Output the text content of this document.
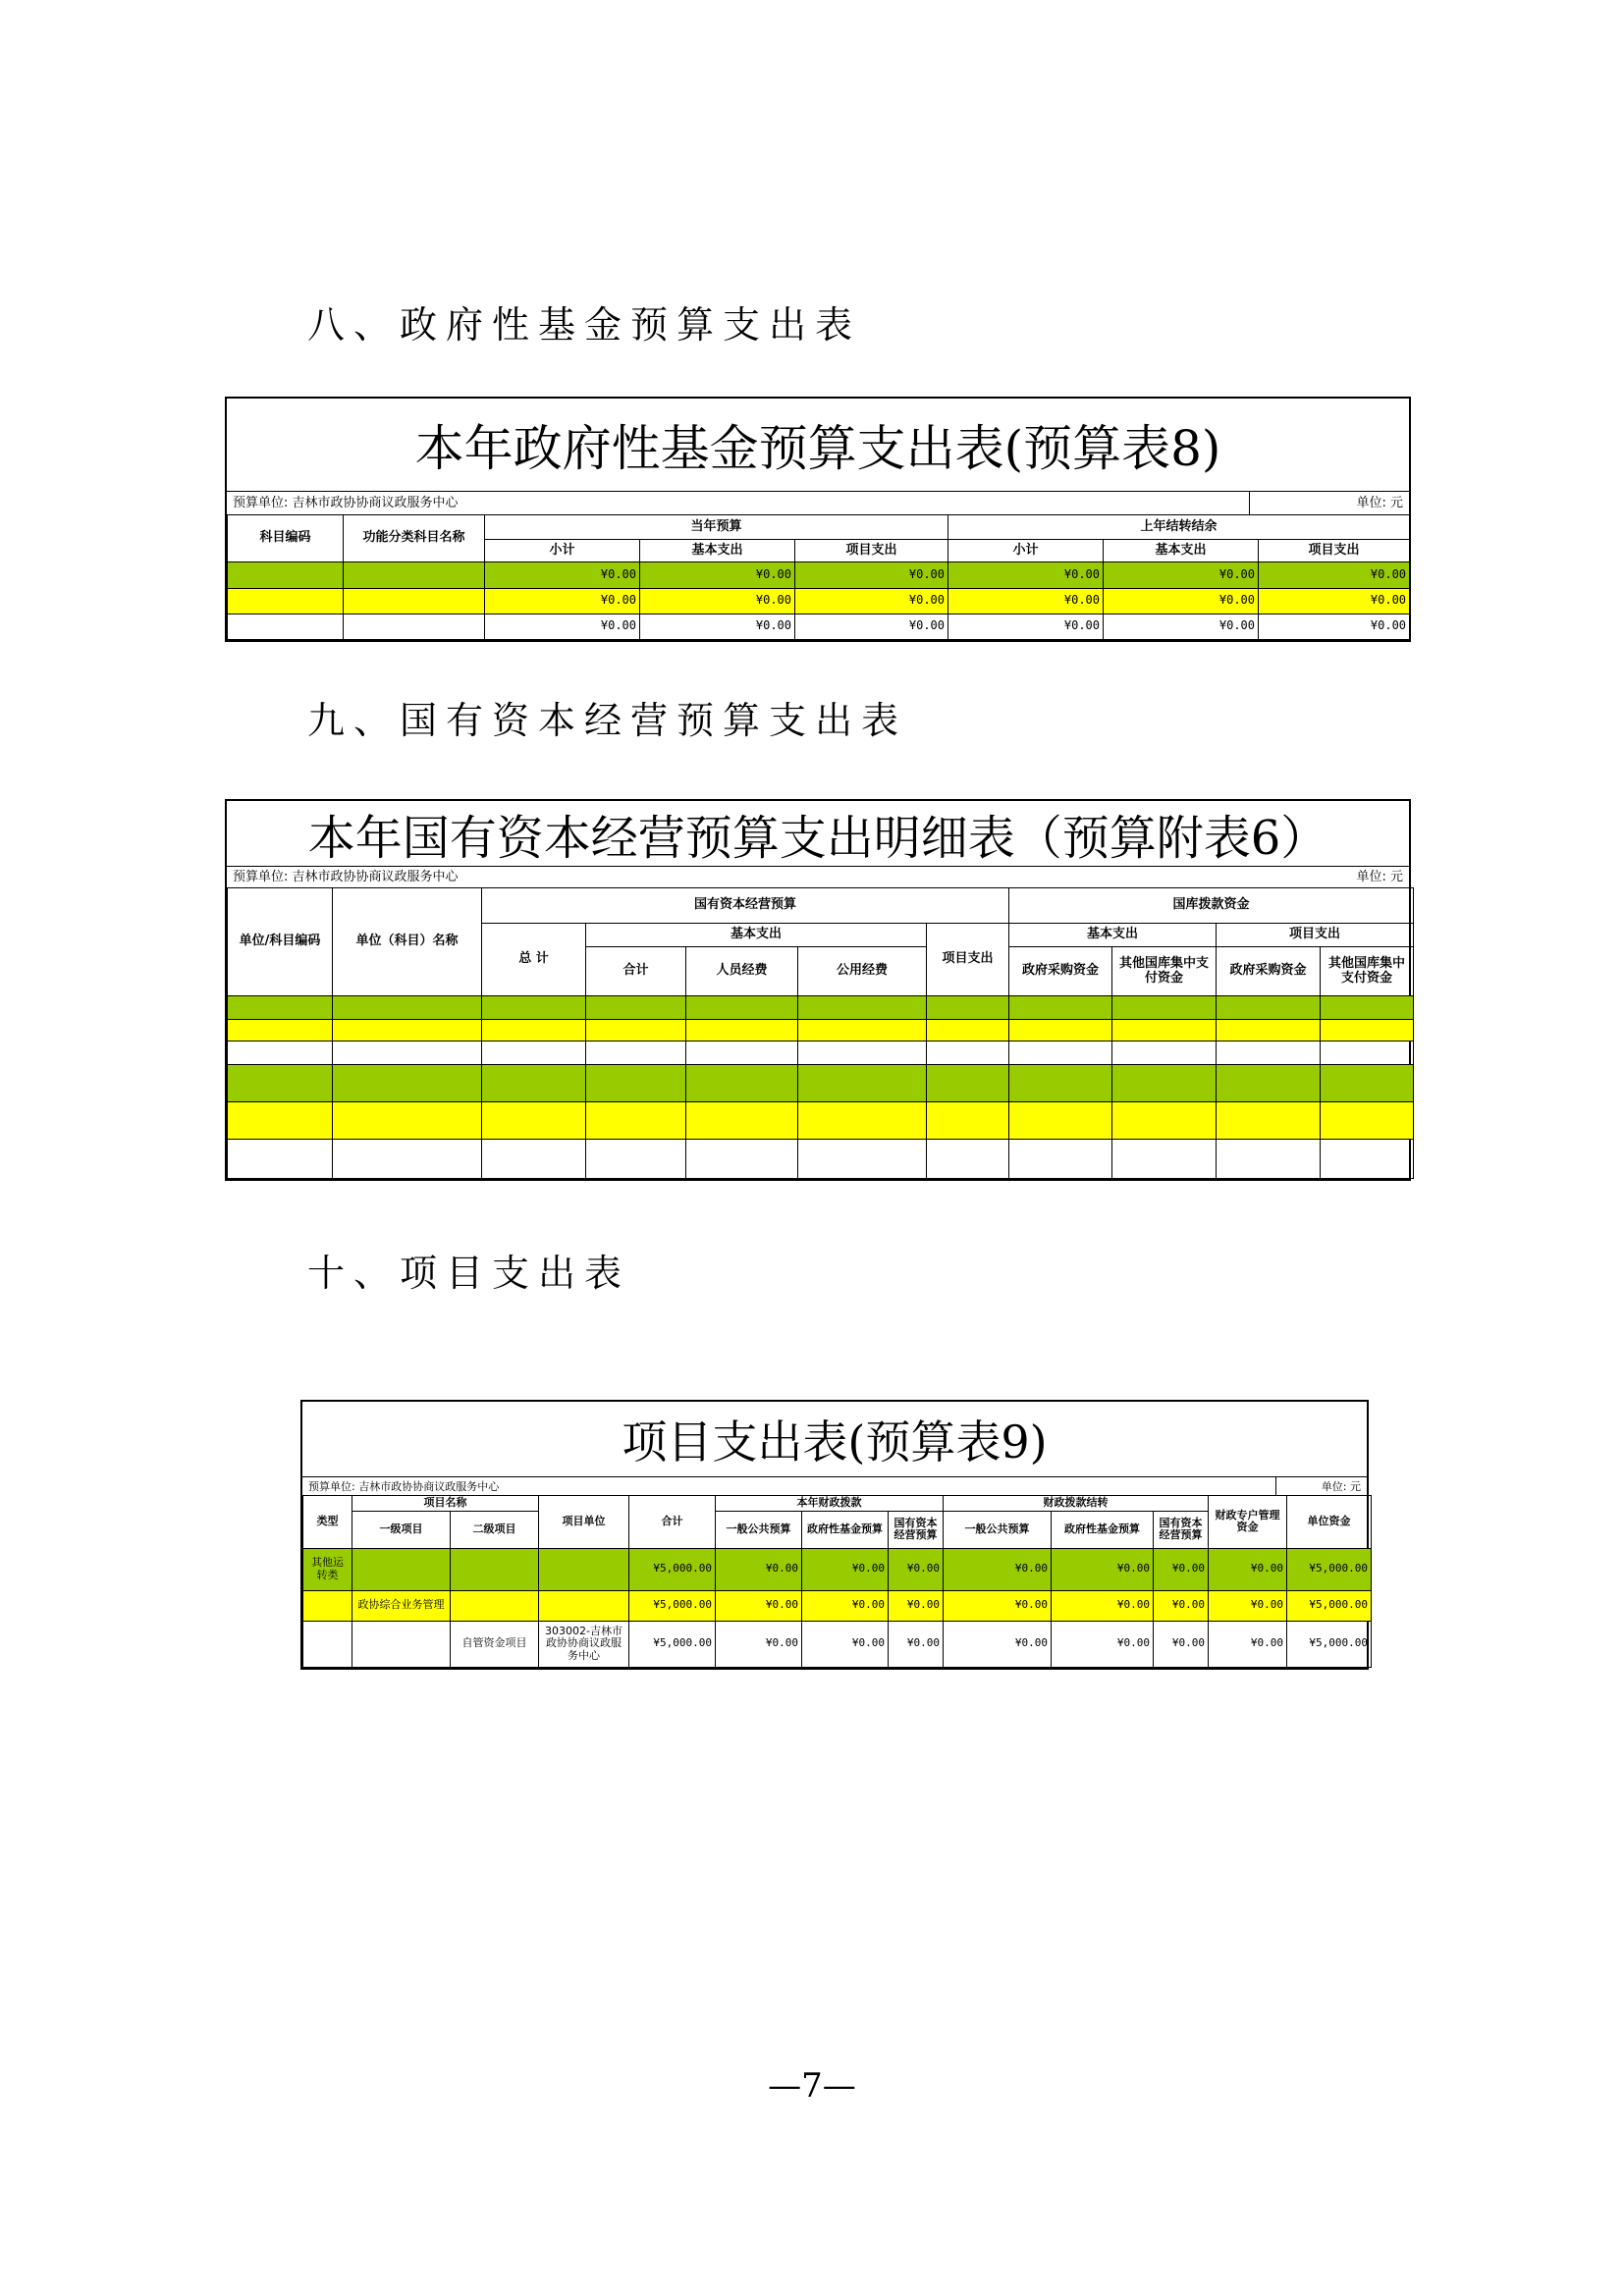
八、政府性基金预算支出表
本年政府性基金预算支出表(预算表8)
预算单位: 吉林市政协协商议政服务中心	单位: 元
科目编码	功能分类科目名称	当年预算			上年结转结余		
		小计	基本支出	项目支出	小计	基本支出	项目支出
		¥0.00	¥0.00	¥0.00	¥0.00	¥0.00	¥0.00
		¥0.00	¥0.00	¥0.00	¥0.00	¥0.00	¥0.00
		¥0.00	¥0.00	¥0.00	¥0.00	¥0.00	¥0.00
九、国有资本经营预算支出表
本年国有资本经营预算支出明细表（预算附表6）
预算单位: 吉林市政协协商议政服务中心	单位: 元
单位/科目编码	单位（科目）名称	国有资本经营预算					国库拨款资金			
		总 计	基本支出			项目支出	基本支出		项目支出	
			合计	人员经费	公用经费		政府采购资金	其他国库集中支付资金	政府采购资金	其他国库集中支付资金

十、项目支出表
项目支出表(预算表9)
预算单位: 吉林市政协协商议政服务中心	单位: 元
类型	项目名称		项目单位	合计	本年财政拨款			财政拨款结转			财政专户管理资金	单位资金
	一级项目	二级项目			一般公共预算	政府性基金预算	国有资本经营预算	一般公共预算	政府性基金预算	国有资本经营预算		
其他运转类				¥5,000.00	¥0.00	¥0.00	¥0.00	¥0.00	¥0.00	¥0.00	¥0.00	¥5,000.00
	政协综合业务管理			¥5,000.00	¥0.00	¥0.00	¥0.00	¥0.00	¥0.00	¥0.00	¥0.00	¥5,000.00
		自管资金项目	303002-吉林市政协协商议政服务中心	¥5,000.00	¥0.00	¥0.00	¥0.00	¥0.00	¥0.00	¥0.00	¥0.00	¥5,000.00
—7—
